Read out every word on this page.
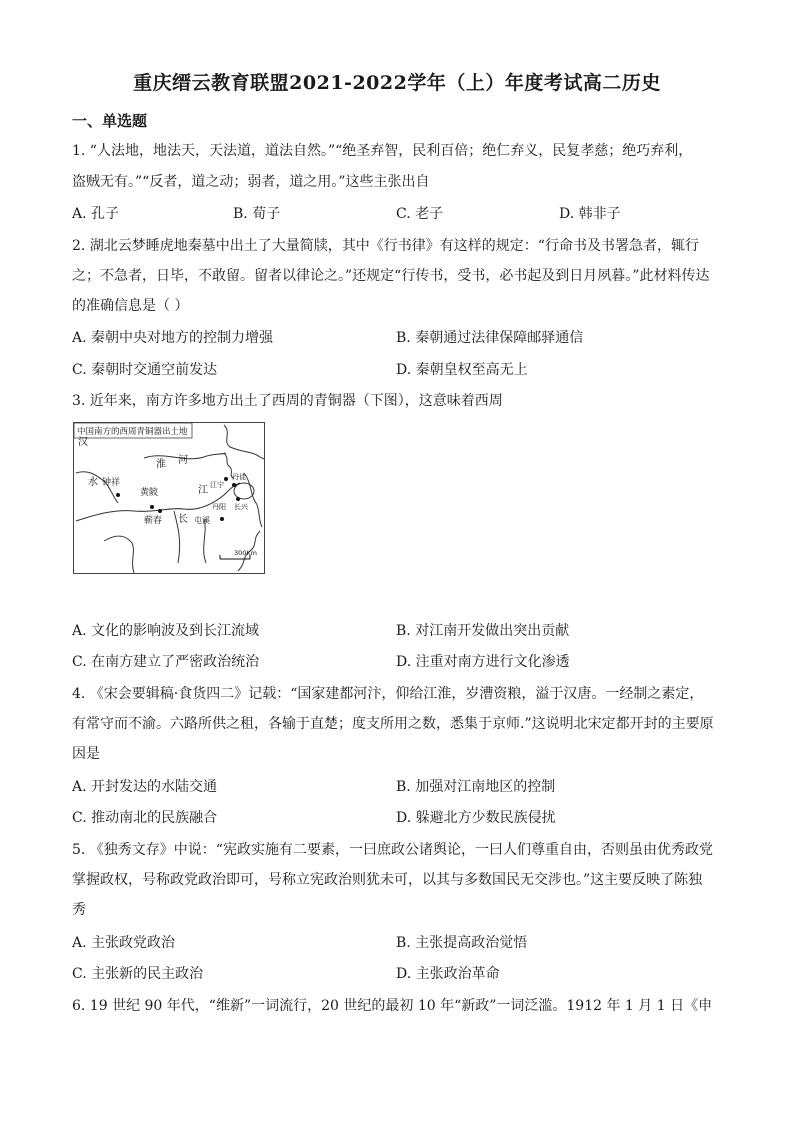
重庆缙云教育联盟2021-2022学年（上）年度考试高二历史
一、单选题
1. “人法地，地法天，天法道，道法自然。”“绝圣弃智，民利百倍；绝仁弃义，民复孝慈；绝巧弃利，
盗贼无有。”“反者，道之动；弱者，道之用。”这些主张出自
A. 孔子	B. 荀子	C. 老子	D. 韩非子
2. 湖北云梦睡虎地秦墓中出土了大量简牍，其中《行书律》有这样的规定：“行命书及书署急者，辄行
之；不急者，日毕，不敢留。留者以律论之。”还规定“行传书，受书，必书起及到日月夙暮。”此材料传达
的准确信息是（ ）
A. 秦朝中央对地方的控制力增强	B. 秦朝通过法律保障邮驿通信
C. 秦朝时交通空前发达	D. 秦朝皇权至高无上
3. 近年来，南方许多地方出土了西周的青铜器（下图），这意味着西周
中国南方的西周青铜器出土地
汉
水 钟祥
淮 河
黄陂
蕲春 长
江 江宁
丹徒
丹阳 长兴
屯溪
300Km
A. 文化的影响波及到长江流域	B. 对江南开发做出突出贡献
C. 在南方建立了严密政治统治	D. 注重对南方进行文化渗透
4. 《宋会要辑稿·食货四二》记载：“国家建都河汴，仰给江淮，岁漕资粮，溢于汉唐。一经制之素定，
有常守而不渝。六路所供之租，各输于直楚；度支所用之数，悉集于京师.”这说明北宋定都开封的主要原
因是
A. 开封发达的水陆交通	B. 加强对江南地区的控制
C. 推动南北的民族融合	D. 躲避北方少数民族侵扰
5. 《独秀文存》中说：“宪政实施有二要素，一曰庶政公诸舆论，一曰人们尊重自由，否则虽由优秀政党
掌握政权，号称政党政治即可，号称立宪政治则犹未可，以其与多数国民无交涉也。”这主要反映了陈独
秀
A. 主张政党政治	B. 主张提高政治觉悟
C. 主张新的民主政治	D. 主张政治革命
6. 19 世纪 90 年代，“维新”一词流行，20 世纪的最初 10 年“新政”一词泛滥。1912 年 1 月 1 日《申
